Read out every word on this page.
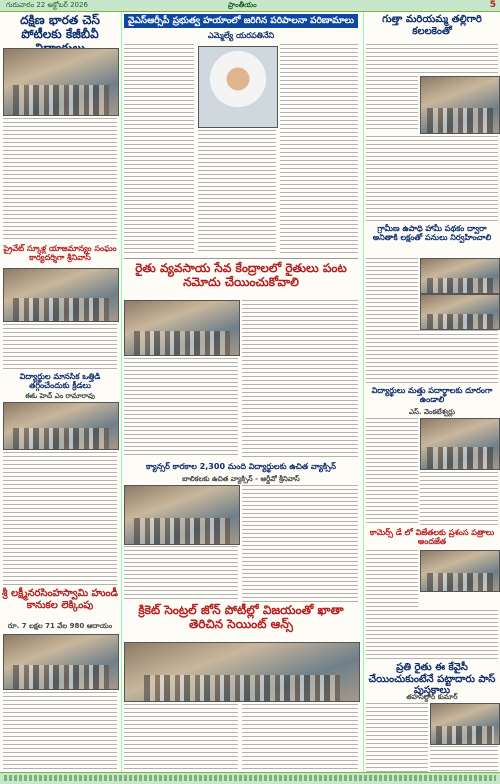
గురువారం 22 అక్టోబర్ 2026	ప్రాంతీయం	5
దక్షిణ భారత చెస్ పోటీలకు కేజీబీవీ
ప్రైవేట్ స్కూళ్ల యాజమాన్యం సంఘం కార్యదర్శిగా శ్రీనివాస్
విద్యార్థుల మానసిక ఒత్తిడి తగ్గించేందుకు క్రీడలు
ఈఓ హెచ్ ఎం రామారావు
శ్రీ లక్ష్మీనరసింహస్వామి హుండీ కానుకల లెక్కింపు
రూ. 7 లక్షల 71 వేల 980 ఆదాయం
వైఎస్ఆర్సీపీ ప్రభుత్వ హయాంలో జరిగిన పరిపాలనా పరిణామాలు
ఎమ్మెల్యే యరపతినేని
రైతు వ్యవసాయ సేవ కేంద్రాలలో రైతులు పంట నమోదు చేయించుకోవాలి
క్యాన్సర్ కారకాల 2,300 మంది విద్యార్థులకు ఉచిత వ్యాక్సిన్
బాలికలకు ఉచిత వ్యాక్సిన్ - ఆర్డీవో శ్రీనివాస్
క్రికెట్ సెంట్రల్ జోన్ పోటీల్లో విజయంతో ఖాతా తెరిచిన సెయింట్ ఆన్స్
గుత్తా మరియమ్మ తల్లిగారి కలలకెంతో
గ్రామీణ ఉపాధి హామీ పథకం ద్వారా అనితాకి లక్షంతో పనులు నిర్వహించాలి
విద్యార్థులు మత్తు పదార్థాలకు దూరంగా ఉండాలి
ఎస్. వెంకటేశ్వర్లు
కామెర్స్ డే లో విజేతలకు ప్రశంస పత్రాలు అందజేత
ప్రతి రైతు ఈ కేవైసీ చేయించుకుంటేనే పట్టాదారు పాస్ పుస్తకాలు
తహసీల్దార్ కుమార్
